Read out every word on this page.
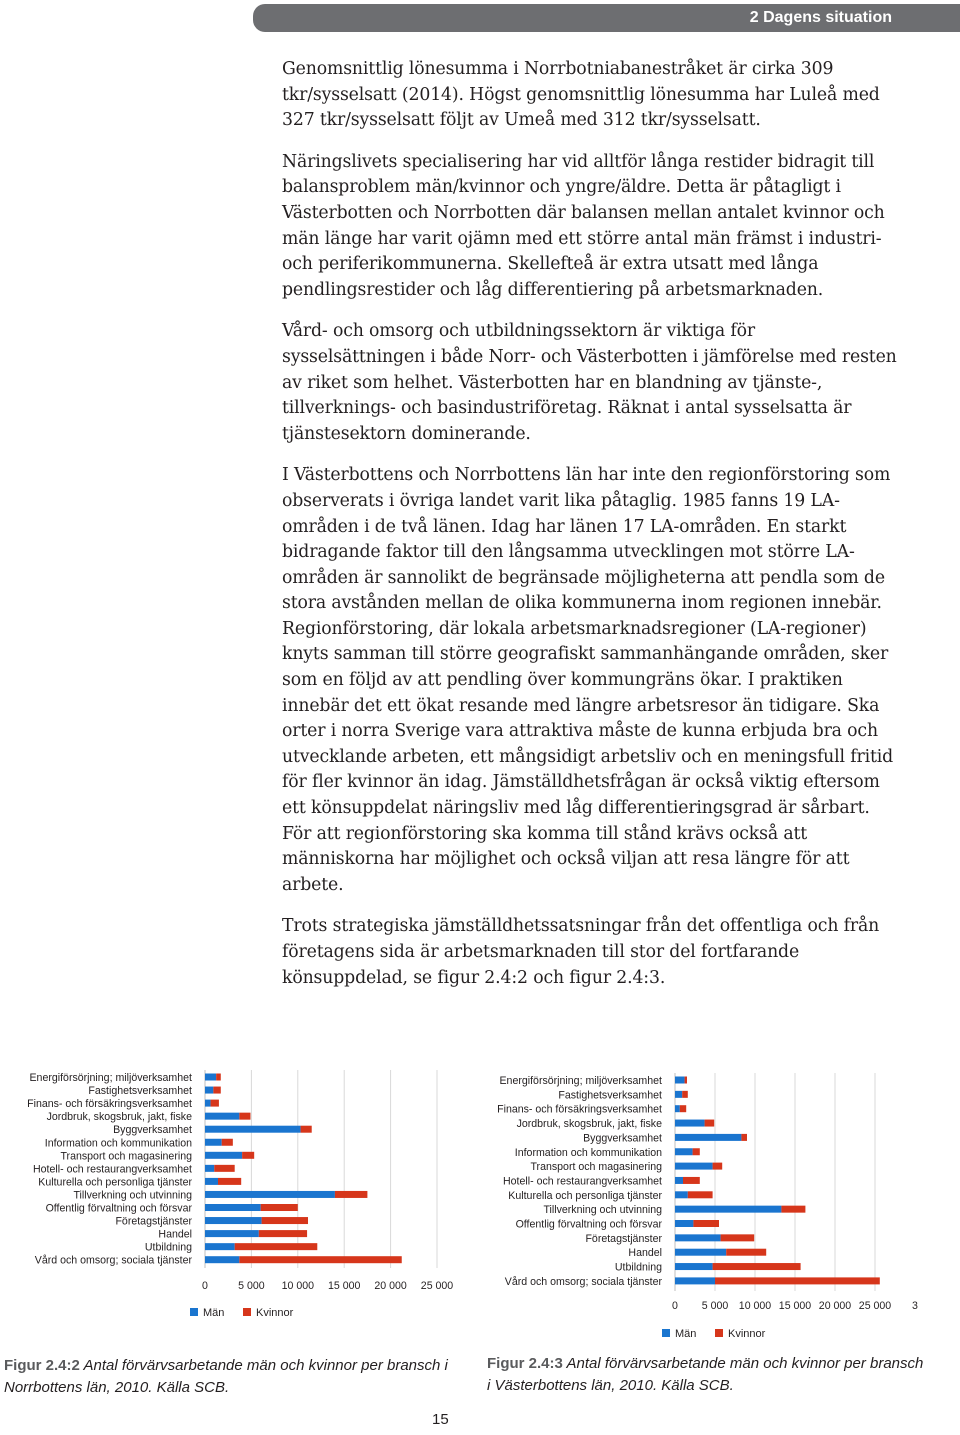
2 Dagens situation

Genomsnittlig lönesumma i Norrbotniabanestråket är cirka 309 tkr/sysselsatt (2014). Högst genomsnittlig lönesumma har Luleå med 327 tkr/sysselsatt följt av Umeå med 312 tkr/sysselsatt.

Näringslivets specialisering har vid alltför långa restider bidragit till balansproblem män/kvinnor och yngre/äldre. Detta är påtagligt i Västerbotten och Norrbotten där balansen mellan antalet kvinnor och män länge har varit ojämn med ett större antal män främst i industri- och periferikommunerna. Skellefteå är extra utsatt med långa pendlingsrestider och låg differentiering på arbetsmarknaden.

Vård- och omsorg och utbildningssektorn är viktiga för sysselsättningen i både Norr- och Västerbotten i jämförelse med resten av riket som helhet. Västerbotten har en blandning av tjänste-, tillverknings- och basindustriföretag. Räknat i antal sysselsatta är tjänstesektorn dominerande.

I Västerbottens och Norrbottens län har inte den regionförstoring som observerats i övriga landet varit lika påtaglig. 1985 fanns 19 LA-områden i de två länen. Idag har länen 17 LA-områden. En starkt bidragande faktor till den långsamma utvecklingen mot större LA-områden är sannolikt de begränsade möjligheterna att pendla som de stora avstånden mellan de olika kommunerna inom regionen innebär. Regionförstoring, där lokala arbetsmarknadsregioner (LA-regioner) knyts samman till större geografiskt sammanhängande områden, sker som en följd av att pendling över kommungräns ökar. I praktiken innebär det ett ökat resande med längre arbetsresor än tidigare. Ska orter i norra Sverige vara attraktiva måste de kunna erbjuda bra och utvecklande arbeten, ett mångsidigt arbetsliv och en meningsfull fritid för fler kvinnor än idag. Jämställdhetsfrågan är också viktig eftersom ett könsuppdelat näringsliv med låg differentieringsgrad är sårbart. För att regionförstoring ska komma till stånd krävs också att människorna har möjlighet och också viljan att resa längre för att arbete.

Trots strategiska jämställdhetssatsningar från det offentliga och från företagens sida är arbetsmarknaden till stor del fortfarande könsuppdelad, se figur 2.4:2 och figur 2.4:3.

Energiförsörjning; miljöverksamhet
Fastighetsverksamhet
Finans- och försäkringsverksamhet
Jordbruk, skogsbruk, jakt, fiske
Byggverksamhet
Information och kommunikation
Transport och magasinering
Hotell- och restaurangverksamhet
Kulturella och personliga tjänster
Tillverkning och utvinning
Offentlig förvaltning och försvar
Företagstjänster
Handel
Utbildning
Vård och omsorg; sociala tjänster
0	5 000 10 000 15 000 20 000 25 000
Män	Kvinnor
Energiförsörjning; miljöverksamhet
Fastighetsverksamhet
Finans- och försäkringsverksamhet
Jordbruk, skogsbruk, jakt, fiske
Byggverksamhet
Information och kommunikation
Transport och magasinering
Hotell- och restaurangverksamhet
Kulturella och personliga tjänster
Tillverkning och utvinning
Offentlig förvaltning och försvar
Företagstjänster
Handel
Utbildning
Vård och omsorg; sociala tjänster
0 5 000 10 000 15 000 20 000 25 000 3
Män	Kvinnor
Figur 2.4:2 Antal förvärvsarbetande män och kvinnor per bransch i Norrbottens län, 2010. Källa SCB.
Figur 2.4:3 Antal förvärvsarbetande män och kvinnor per bransch i Västerbottens län, 2010. Källa SCB.
15
